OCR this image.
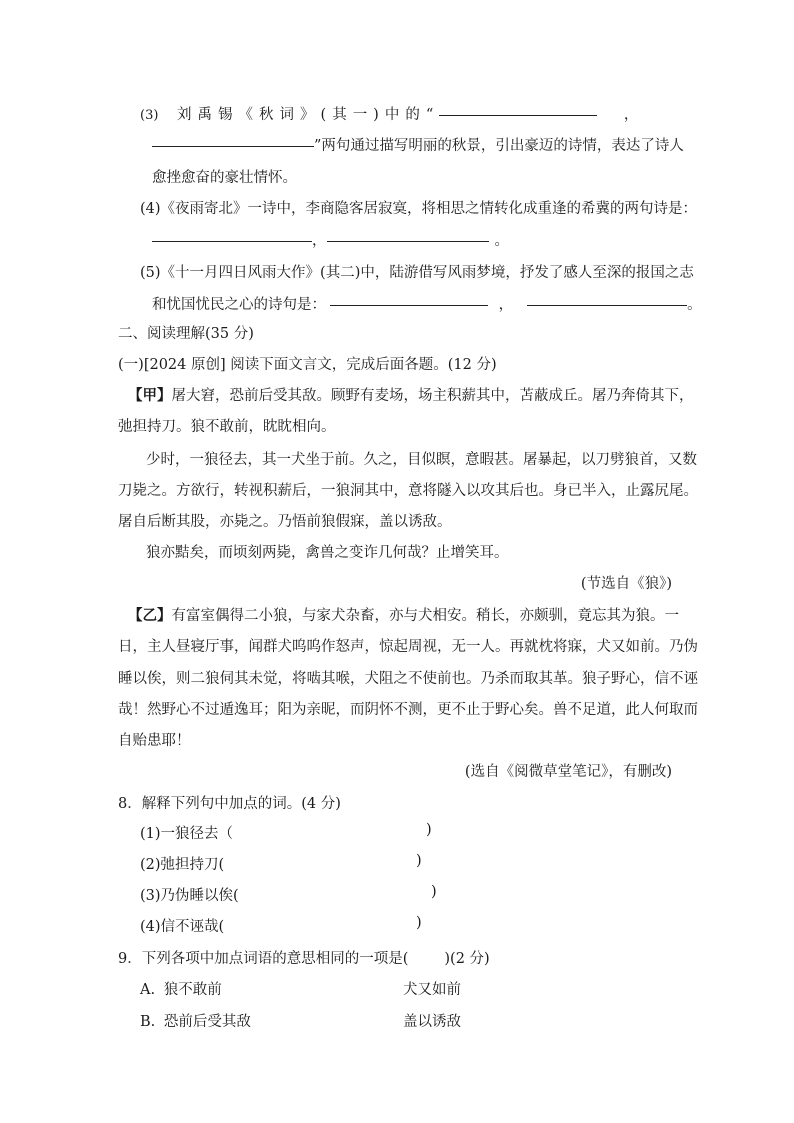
(3) 刘禹锡《秋词》(其一)中的“	，
”两句通过描写明丽的秋景，引出豪迈的诗情，表达了诗人
愈挫愈奋的豪壮情怀。
(4)《夜雨寄北》一诗中，李商隐客居寂寞，将相思之情转化成重逢的希冀的两句诗是：
，	。
(5)《十一月四日风雨大作》(其二)中，陆游借写风雨梦境，抒发了感人至深的报国之志
和忧国忧民之心的诗句是：	，	。
二、阅读理解(35 分)
(一)[2024 原创] 阅读下面文言文，完成后面各题。(12 分)
【甲】屠大窘，恐前后受其敌。顾野有麦场，场主积薪其中，苫蔽成丘。屠乃奔倚其下，
弛担持刀。狼不敢前，眈眈相向。
少时，一狼径去，其一犬坐于前。久之，目似瞑，意暇甚。屠暴起，以刀劈狼首，又数
刀毙之。方欲行，转视积薪后，一狼洞其中，意将隧入以攻其后也。身已半入，止露尻尾。
屠自后断其股，亦毙之。乃悟前狼假寐，盖以诱敌。
狼亦黠矣，而顷刻两毙，禽兽之变诈几何哉？止增笑耳。
(节选自《狼》)
【乙】有富室偶得二小狼，与家犬杂畜，亦与犬相安。稍长，亦颇驯，竟忘其为狼。一
日，主人昼寝厅事，闻群犬呜呜作怒声，惊起周视，无一人。再就枕将寐，犬又如前。乃伪
睡以俟，则二狼伺其未觉，将啮其喉，犬阻之不使前也。乃杀而取其革。狼子野心，信不诬
哉！然野心不过遁逸耳；阳为亲昵，而阴怀不测，更不止于野心矣。兽不足道，此人何取而
自贻患耶！
(选自《阅微草堂笔记》，有删改)
8．解释下列句中加点的词。(4 分)
(1)一狼径去（	)
(2)弛担持刀(	)
(3)乃伪睡以俟(	)
(4)信不诬哉(	)
9．下列各项中加点词语的意思相同的一项是( )(2 分)
A. 狼不敢前	犬又如前
B. 恐前后受其敌	盖以诱敌
